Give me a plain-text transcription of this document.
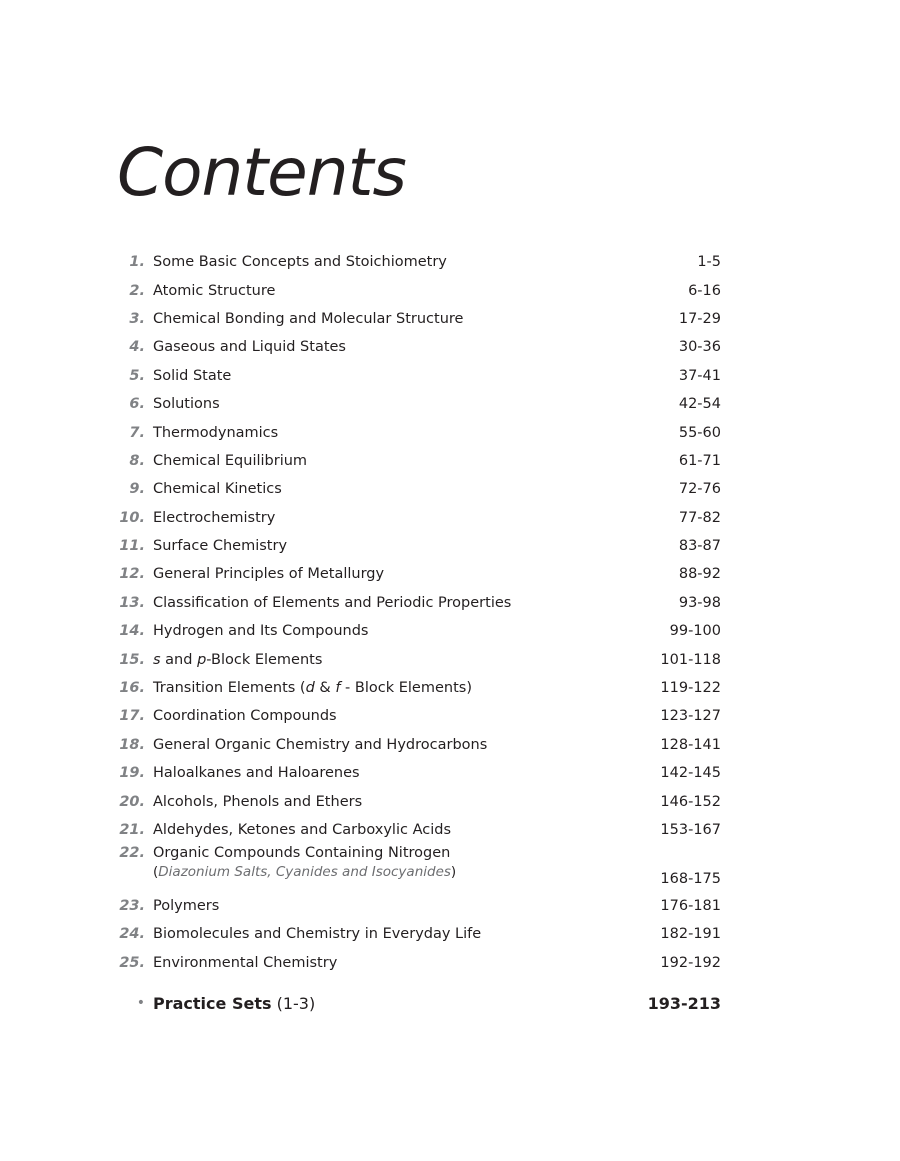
Contents
1. Some Basic Concepts and Stoichiometry	1-5
2. Atomic Structure	6-16
3. Chemical Bonding and Molecular Structure	17-29
4. Gaseous and Liquid States	30-36
5. Solid State	37-41
6. Solutions	42-54
7. Thermodynamics	55-60
8. Chemical Equilibrium	61-71
9. Chemical Kinetics	72-76
10. Electrochemistry	77-82
11. Surface Chemistry	83-87
12. General Principles of Metallurgy	88-92
13. Classification of Elements and Periodic Properties	93-98
14. Hydrogen and Its Compounds	99-100
15. s and p-Block Elements	101-118
16. Transition Elements (d & f - Block Elements)	119-122
17. Coordination Compounds	123-127
18. General Organic Chemistry and Hydrocarbons	128-141
19. Haloalkanes and Haloarenes	142-145
20. Alcohols, Phenols and Ethers	146-152
21. Aldehydes, Ketones and Carboxylic Acids	153-167
22. Organic Compounds Containing Nitrogen
(Diazonium Salts, Cyanides and Isocyanides)	168-175
23. Polymers	176-181
24. Biomolecules and Chemistry in Everyday Life	182-191
25. Environmental Chemistry	192-192
• Practice Sets (1-3)	193-213
